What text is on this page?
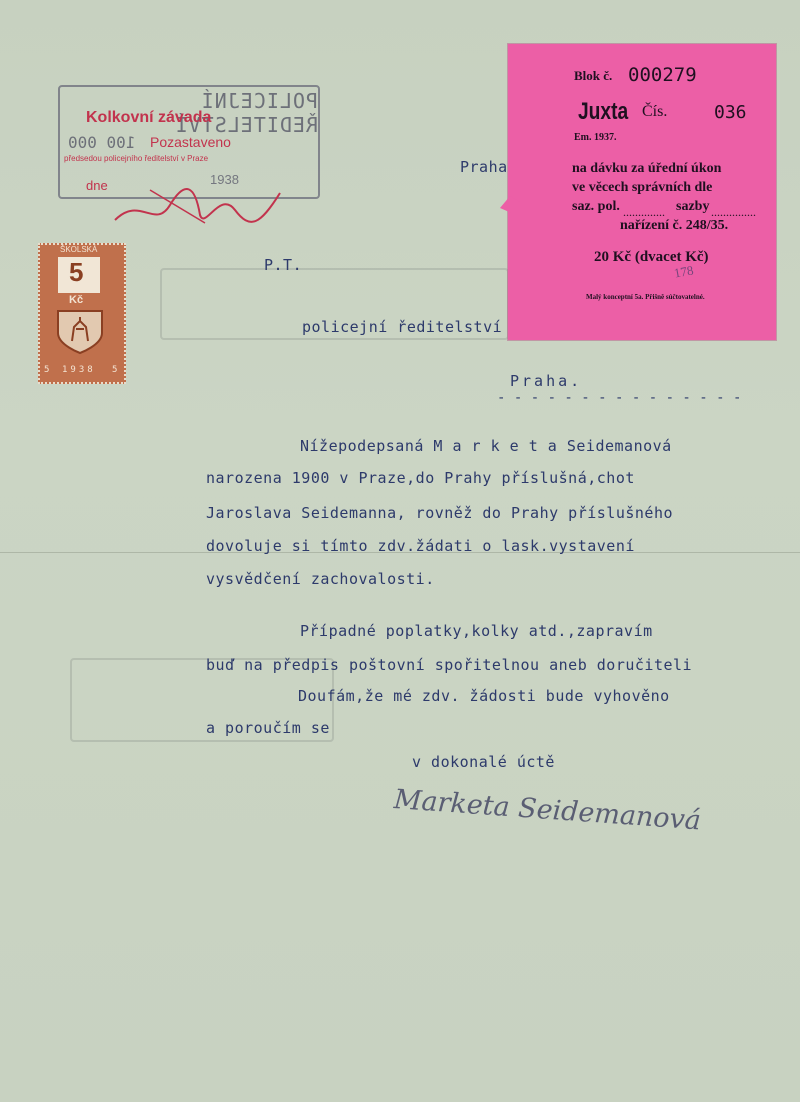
POLICEJNÍ ŘEDITELSTVÍ
100 000
Kolkovní závada
Pozastaveno
předsedou policejního ředitelství v Praze
dne	1938
Blok č. 000279
Juxta Čís.	036
Em. 1937.
na dávku za úřední úkon
ve věcech správních dle
saz. pol. .............. sazby ...............
nařízení č. 248/35.
20 Kč (dvacet Kč)
178
Malý konceptní 5a. Přišně súčtovatelné.
ŠKOLSKÁ
5
Kč
5 1938 5
Praha
P.T.
policejní ředitelství
Praha.
- - - - - - - - - - - - - - -
Nížepodepsaná M a r k e t a Seidemanová
narozena 1900 v Praze,do Prahy příslušná,chot
Jaroslava Seidemanna, rovněž do Prahy příslušného
dovoluje si tímto zdv.žádati o lask.vystavení
vysvědčení zachovalosti.
Případné poplatky,kolky atd.,zapravím
buď na předpis poštovní spořitelnou aneb doručiteli
Doufám,že mé zdv. žádosti bude vyhověno
a poroučím se
v dokonalé úctě
Marketa Seidemanová
